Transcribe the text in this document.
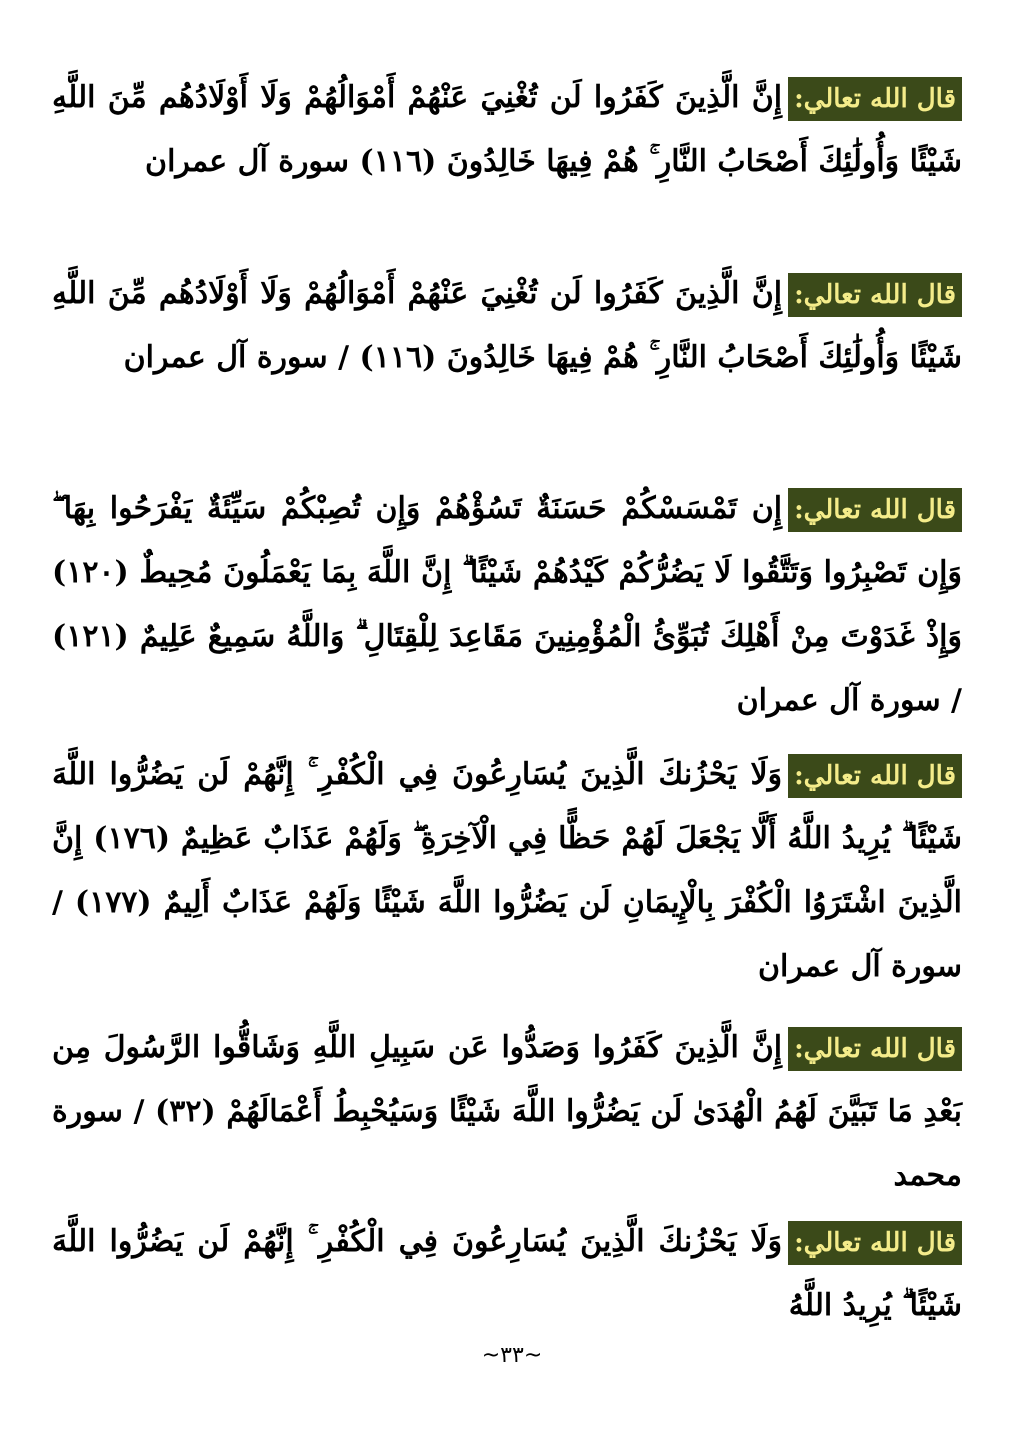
قال الله تعالي:إِنَّ الَّذِينَ كَفَرُوا لَن تُغْنِيَ عَنْهُمْ أَمْوَالُهُمْ وَلَا أَوْلَادُهُم مِّنَ اللَّهِ شَيْئًا وَأُولَٰئِكَ أَصْحَابُ النَّارِ ۚ هُمْ فِيهَا خَالِدُونَ (١١٦) سورة آل عمران
قال الله تعالي:إِنَّ الَّذِينَ كَفَرُوا لَن تُغْنِيَ عَنْهُمْ أَمْوَالُهُمْ وَلَا أَوْلَادُهُم مِّنَ اللَّهِ شَيْئًا وَأُولَٰئِكَ أَصْحَابُ النَّارِ ۚ هُمْ فِيهَا خَالِدُونَ (١١٦) / سورة آل عمران
قال الله تعالي:إِن تَمْسَسْكُمْ حَسَنَةٌ تَسُؤْهُمْ وَإِن تُصِبْكُمْ سَيِّئَةٌ يَفْرَحُوا بِهَا ۖ وَإِن تَصْبِرُوا وَتَتَّقُوا لَا يَضُرُّكُمْ كَيْدُهُمْ شَيْئًا ۗ إِنَّ اللَّهَ بِمَا يَعْمَلُونَ مُحِيطٌ (١٢٠) وَإِذْ غَدَوْتَ مِنْ أَهْلِكَ تُبَوِّئُ الْمُؤْمِنِينَ مَقَاعِدَ لِلْقِتَالِ ۗ وَاللَّهُ سَمِيعٌ عَلِيمٌ (١٢١) / سورة آل عمران
قال الله تعالي:وَلَا يَحْزُنكَ الَّذِينَ يُسَارِعُونَ فِي الْكُفْرِ ۚ إِنَّهُمْ لَن يَضُرُّوا اللَّهَ شَيْئًا ۗ يُرِيدُ اللَّهُ أَلَّا يَجْعَلَ لَهُمْ حَظًّا فِي الْآخِرَةِ ۖ وَلَهُمْ عَذَابٌ عَظِيمٌ (١٧٦) إِنَّ الَّذِينَ اشْتَرَوُا الْكُفْرَ بِالْإِيمَانِ لَن يَضُرُّوا اللَّهَ شَيْئًا وَلَهُمْ عَذَابٌ أَلِيمٌ (١٧٧) / سورة آل عمران
قال الله تعالي:إِنَّ الَّذِينَ كَفَرُوا وَصَدُّوا عَن سَبِيلِ اللَّهِ وَشَاقُّوا الرَّسُولَ مِن بَعْدِ مَا تَبَيَّنَ لَهُمُ الْهُدَىٰ لَن يَضُرُّوا اللَّهَ شَيْئًا وَسَيُحْبِطُ أَعْمَالَهُمْ (٣٢) / سورة محمد
قال الله تعالي:وَلَا يَحْزُنكَ الَّذِينَ يُسَارِعُونَ فِي الْكُفْرِ ۚ إِنَّهُمْ لَن يَضُرُّوا اللَّهَ شَيْئًا ۗ يُرِيدُ اللَّهُ
~٣٣~
